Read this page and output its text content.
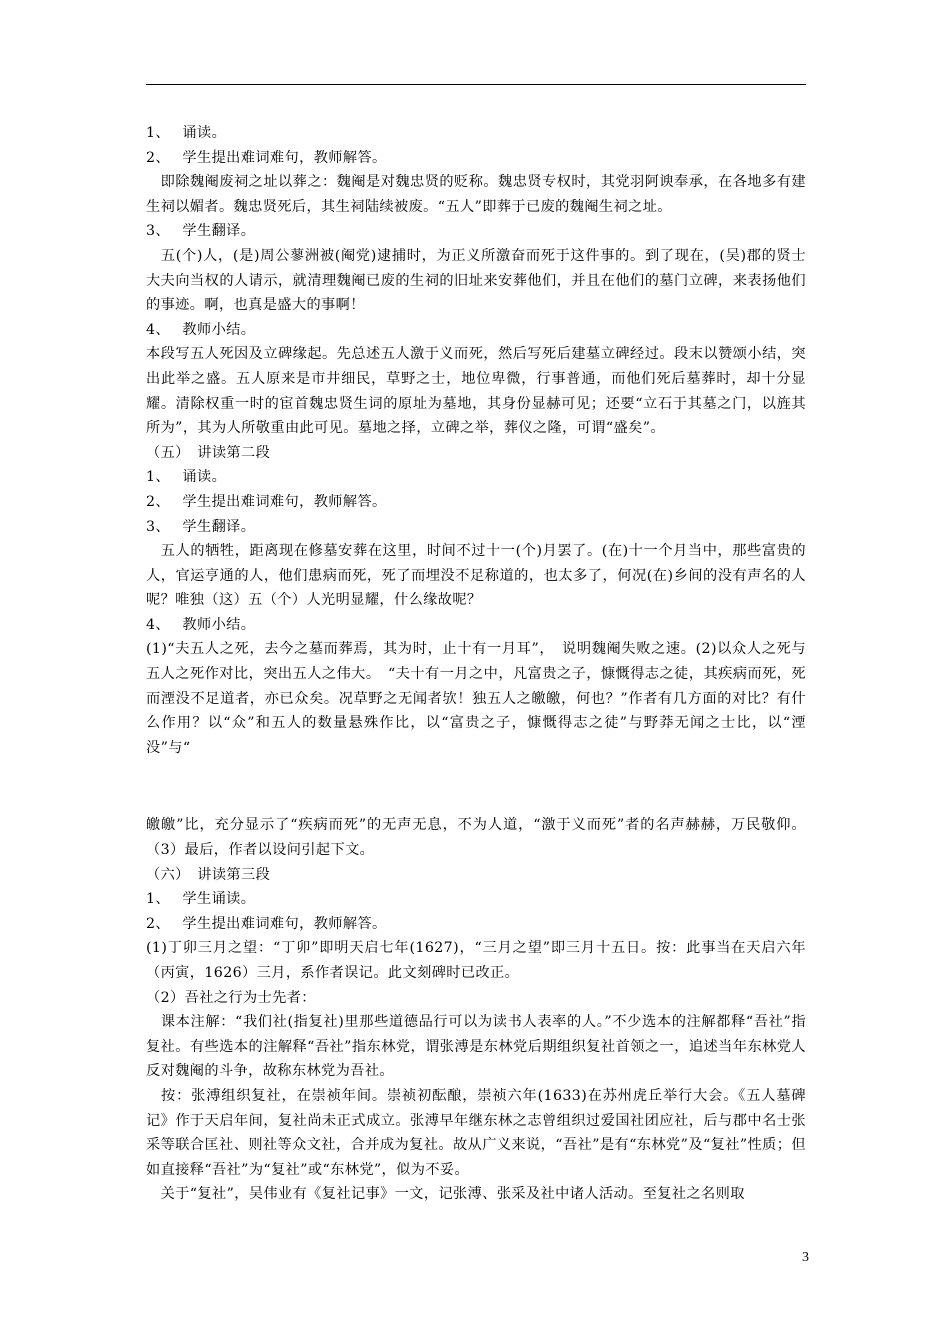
1、　 诵读。

2、　 学生提出难词难句，教师解答。

　即除魏阉废祠之址以葬之：魏阉是对魏忠贤的贬称。魏忠贤专权时，其党羽阿谀奉承，在各地多有建生祠以媚者。魏忠贤死后，其生祠陆续被废。“五人”即葬于已废的魏阉生祠之址。

3、　 学生翻译。

　五(个)人，(是)周公蓼洲被(阉党)逮捕时，为正义所激奋而死于这件事的。到了现在，(吴)郡的贤士大夫向当权的人请示，就清理魏阉已废的生祠的旧址来安葬他们，并且在他们的墓门立碑，来表扬他们的事迹。啊，也真是盛大的事啊！

4、　 教师小结。

本段写五人死因及立碑缘起。先总述五人激于义而死，然后写死后建墓立碑经过。段末以赞颂小结，突出此举之盛。五人原来是市井细民，草野之士，地位卑微，行事普通，而他们死后墓葬时，却十分显耀。清除权重一时的宦首魏忠贤生词的原址为墓地，其身份显赫可见；还要“立石于其墓之门，以旌其所为”，其为人所敬重由此可见。墓地之择，立碑之举，葬仪之隆，可谓“盛矣”。

（五）　讲读第二段

1、　 诵读。

2、　 学生提出难词难句，教师解答。

3、　 学生翻译。

　五人的牺牲，距离现在修墓安葬在这里，时间不过十一(个)月罢了。(在)十一个月当中，那些富贵的人，官运亨通的人，他们患病而死，死了而埋没不足称道的，也太多了，何况(在)乡间的没有声名的人呢？唯独（这）五（个）人光明显耀，什么缘故呢？

4、　 教师小结。

(1)“夫五人之死，去今之墓而葬焉，其为时，止十有一月耳”，　说明魏阉失败之速。(2)以众人之死与五人之死作对比，突出五人之伟大。　“夫十有一月之中，凡富贵之子，慷慨得志之徒，其疾病而死，死而湮没不足道者，亦已众矣。况草野之无闻者欤！独五人之皦皦，何也？”作者有几方面的对比？有什么作用？以“众”和五人的数量悬殊作比，以“富贵之子，慷慨得志之徒”与野莽无闻之士比，以“湮没”与“

皦皦”比，充分显示了“疾病而死”的无声无息，不为人道，“激于义而死”者的名声赫赫，万民敬仰。（3）最后，作者以设问引起下文。

（六）　讲读第三段

1、　 学生诵读。

2、　 学生提出难词难句，教师解答。

(1)丁卯三月之望：“丁卯”即明天启七年(1627)，“三月之望”即三月十五日。按：此事当在天启六年（丙寅，1626）三月，系作者误记。此文刻碑时已改正。

（2）吾社之行为士先者：

　课本注解：“我们社(指复社)里那些道德品行可以为读书人表率的人。”不少选本的注解都释“吾社”指复社。有些选本的注解释“吾社”指东林党，谓张溥是东林党后期组织复社首领之一，追述当年东林党人反对魏阉的斗争，故称东林党为吾社。

　按：张溥组织复社，在崇祯年间。崇祯初酝酿，崇祯六年(1633)在苏州虎丘举行大会。《五人墓碑记》作于天启年间，复社尚未正式成立。张溥早年继东林之志曾组织过爱国社团应社，后与郡中名士张采等联合匡社、则社等众文社，合并成为复社。故从广义来说，“吾社”是有“东林党”及“复社”性质；但如直接释“吾社”为“复社”或“东林党”，似为不妥。

　关于“复社”，吴伟业有《复社记事》一文，记张溥、张采及社中诸人活动。至复社之名则取

3
